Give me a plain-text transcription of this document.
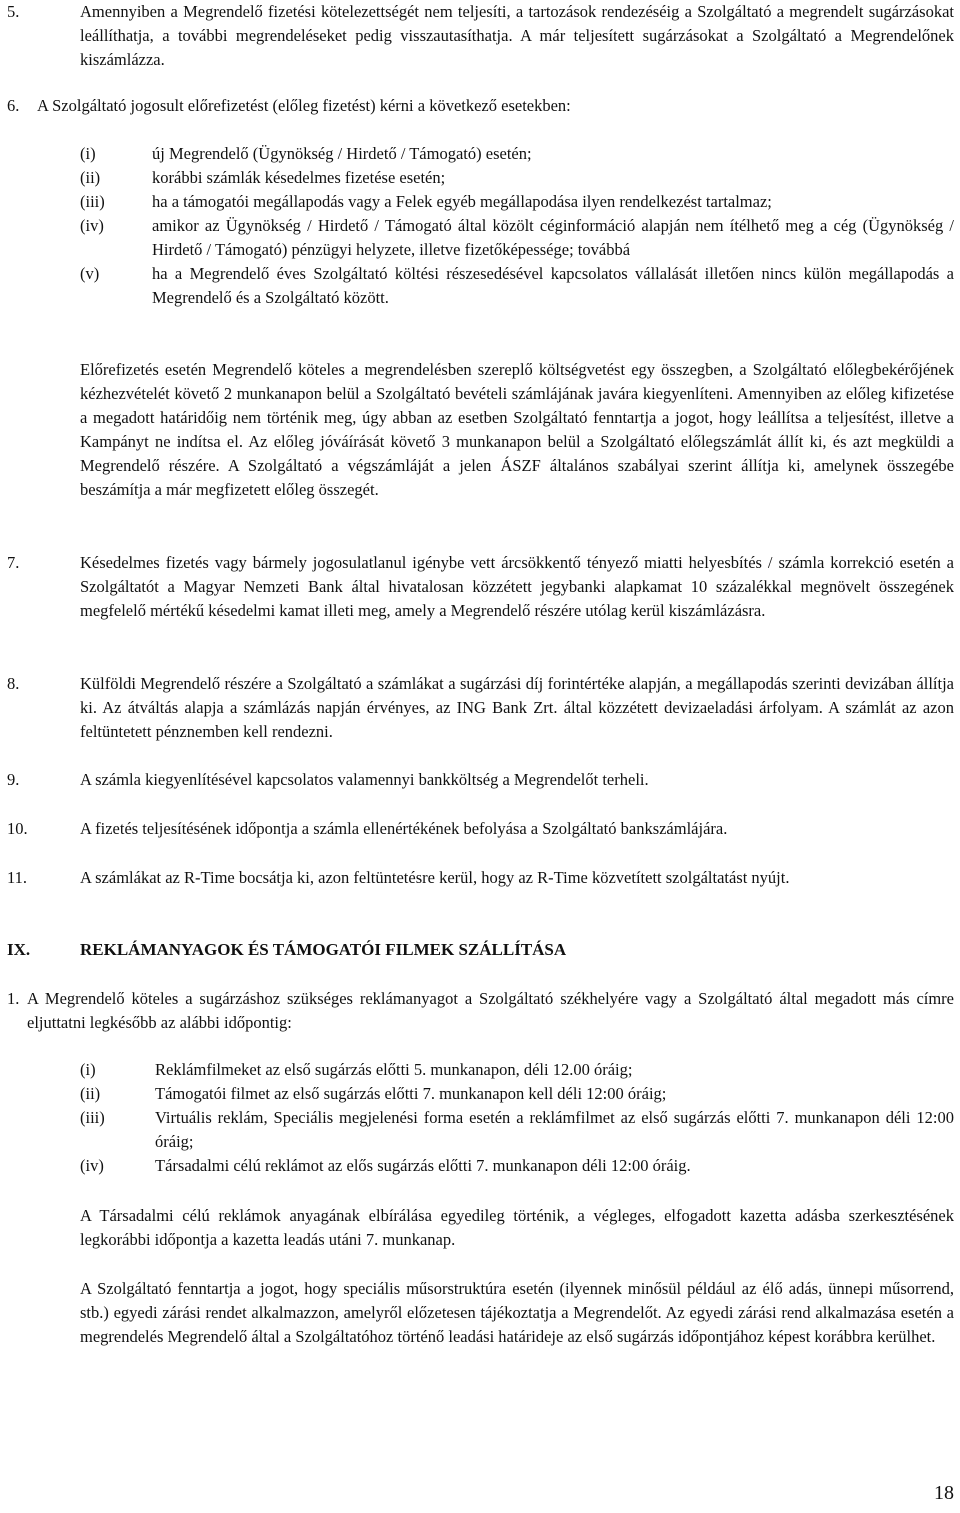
5.	Amennyiben a Megrendelő fizetési kötelezettségét nem teljesíti, a tartozások rendezéséig a Szolgáltató a megrendelt sugárzásokat leállíthatja, a további megrendeléseket pedig visszautasíthatja. A már teljesített sugárzásokat a Szolgáltató a Megrendelőnek kiszámlázza.
6.	A Szolgáltató jogosult előrefizetést (előleg fizetést) kérni a következő esetekben:
(i)	új Megrendelő (Ügynökség / Hirdető / Támogató) esetén;
(ii)	korábbi számlák késedelmes fizetése esetén;
(iii)	ha a támogatói megállapodás vagy a Felek egyéb megállapodása ilyen rendelkezést tartalmaz;
(iv)	amikor az Ügynökség / Hirdető / Támogató által közölt céginformáció alapján nem ítélhető meg a cég (Ügynökség / Hirdető / Támogató) pénzügyi helyzete, illetve fizetőképessége; továbbá
(v)	ha a Megrendelő éves Szolgáltató költési részesedésével kapcsolatos vállalását illetően nincs külön megállapodás a Megrendelő és a Szolgáltató között.
Előrefizetés esetén Megrendelő köteles a megrendelésben szereplő költségvetést egy összegben, a Szolgáltató előlegbekérőjének kézhezvételét követő 2 munkanapon belül a Szolgáltató bevételi számlájának javára kiegyenlíteni. Amennyiben az előleg kifizetése a megadott határidőig nem történik meg, úgy abban az esetben Szolgáltató fenntartja a jogot, hogy leállítsa a teljesítést, illetve a Kampányt ne indítsa el. Az előleg jóváírását követő 3 munkanapon belül a Szolgáltató előlegszámlát állít ki, és azt megküldi a Megrendelő részére. A Szolgáltató a végszámláját a jelen ÁSZF általános szabályai szerint állítja ki, amelynek összegébe beszámítja a már megfizetett előleg összegét.
7.	Késedelmes fizetés vagy bármely jogosulatlanul igénybe vett árcsökkentő tényező miatti helyesbítés / számla korrekció esetén a Szolgáltatót a Magyar Nemzeti Bank által hivatalosan közzétett jegybanki alapkamat 10 százalékkal megnövelt összegének megfelelő mértékű késedelmi kamat illeti meg, amely a Megrendelő részére utólag kerül kiszámlázásra.
8.	Külföldi Megrendelő részére a Szolgáltató a számlákat a sugárzási díj forintértéke alapján, a megállapodás szerinti devizában állítja ki. Az átváltás alapja a számlázás napján érvényes, az ING Bank Zrt. által közzétett devizaeladási árfolyam. A számlát az azon feltüntetett pénznemben kell rendezni.
9.	A számla kiegyenlítésével kapcsolatos valamennyi bankköltség a Megrendelőt terheli.
10.	A fizetés teljesítésének időpontja a számla ellenértékének befolyása a Szolgáltató bankszámlájára.
11.	A számlákat az R-Time bocsátja ki, azon feltüntetésre kerül, hogy az R-Time közvetített szolgáltatást nyújt.
IX.	REKLÁMANYAGOK ÉS TÁMOGATÓI FILMEK SZÁLLÍTÁSA
1. A Megrendelő köteles a sugárzáshoz szükséges reklámanyagot a Szolgáltató székhelyére vagy a Szolgáltató által megadott más címre eljuttatni legkésőbb az alábbi időpontig:
(i)	Reklámfilmeket az első sugárzás előtti 5. munkanapon, déli 12.00 óráig;
(ii)	Támogatói filmet az első sugárzás előtti 7. munkanapon kell déli 12:00 óráig;
(iii)	Virtuális reklám, Speciális megjelenési forma esetén a reklámfilmet az első sugárzás előtti 7. munkanapon déli 12:00 óráig;
(iv)	Társadalmi célú reklámot az elős sugárzás előtti 7. munkanapon déli 12:00 óráig.
A Társadalmi célú reklámok anyagának elbírálása egyedileg történik, a végleges, elfogadott kazetta adásba szerkesztésének legkorábbi időpontja a kazetta leadás utáni 7. munkanap.
A Szolgáltató fenntartja a jogot, hogy speciális műsorstruktúra esetén (ilyennek minősül például az élő adás, ünnepi műsorrend, stb.) egyedi zárási rendet alkalmazzon, amelyről előzetesen tájékoztatja a Megrendelőt. Az egyedi zárási rend alkalmazása esetén a megrendelés Megrendelő által a Szolgáltatóhoz történő leadási határideje az első sugárzás időpontjához képest korábbra kerülhet.
18
